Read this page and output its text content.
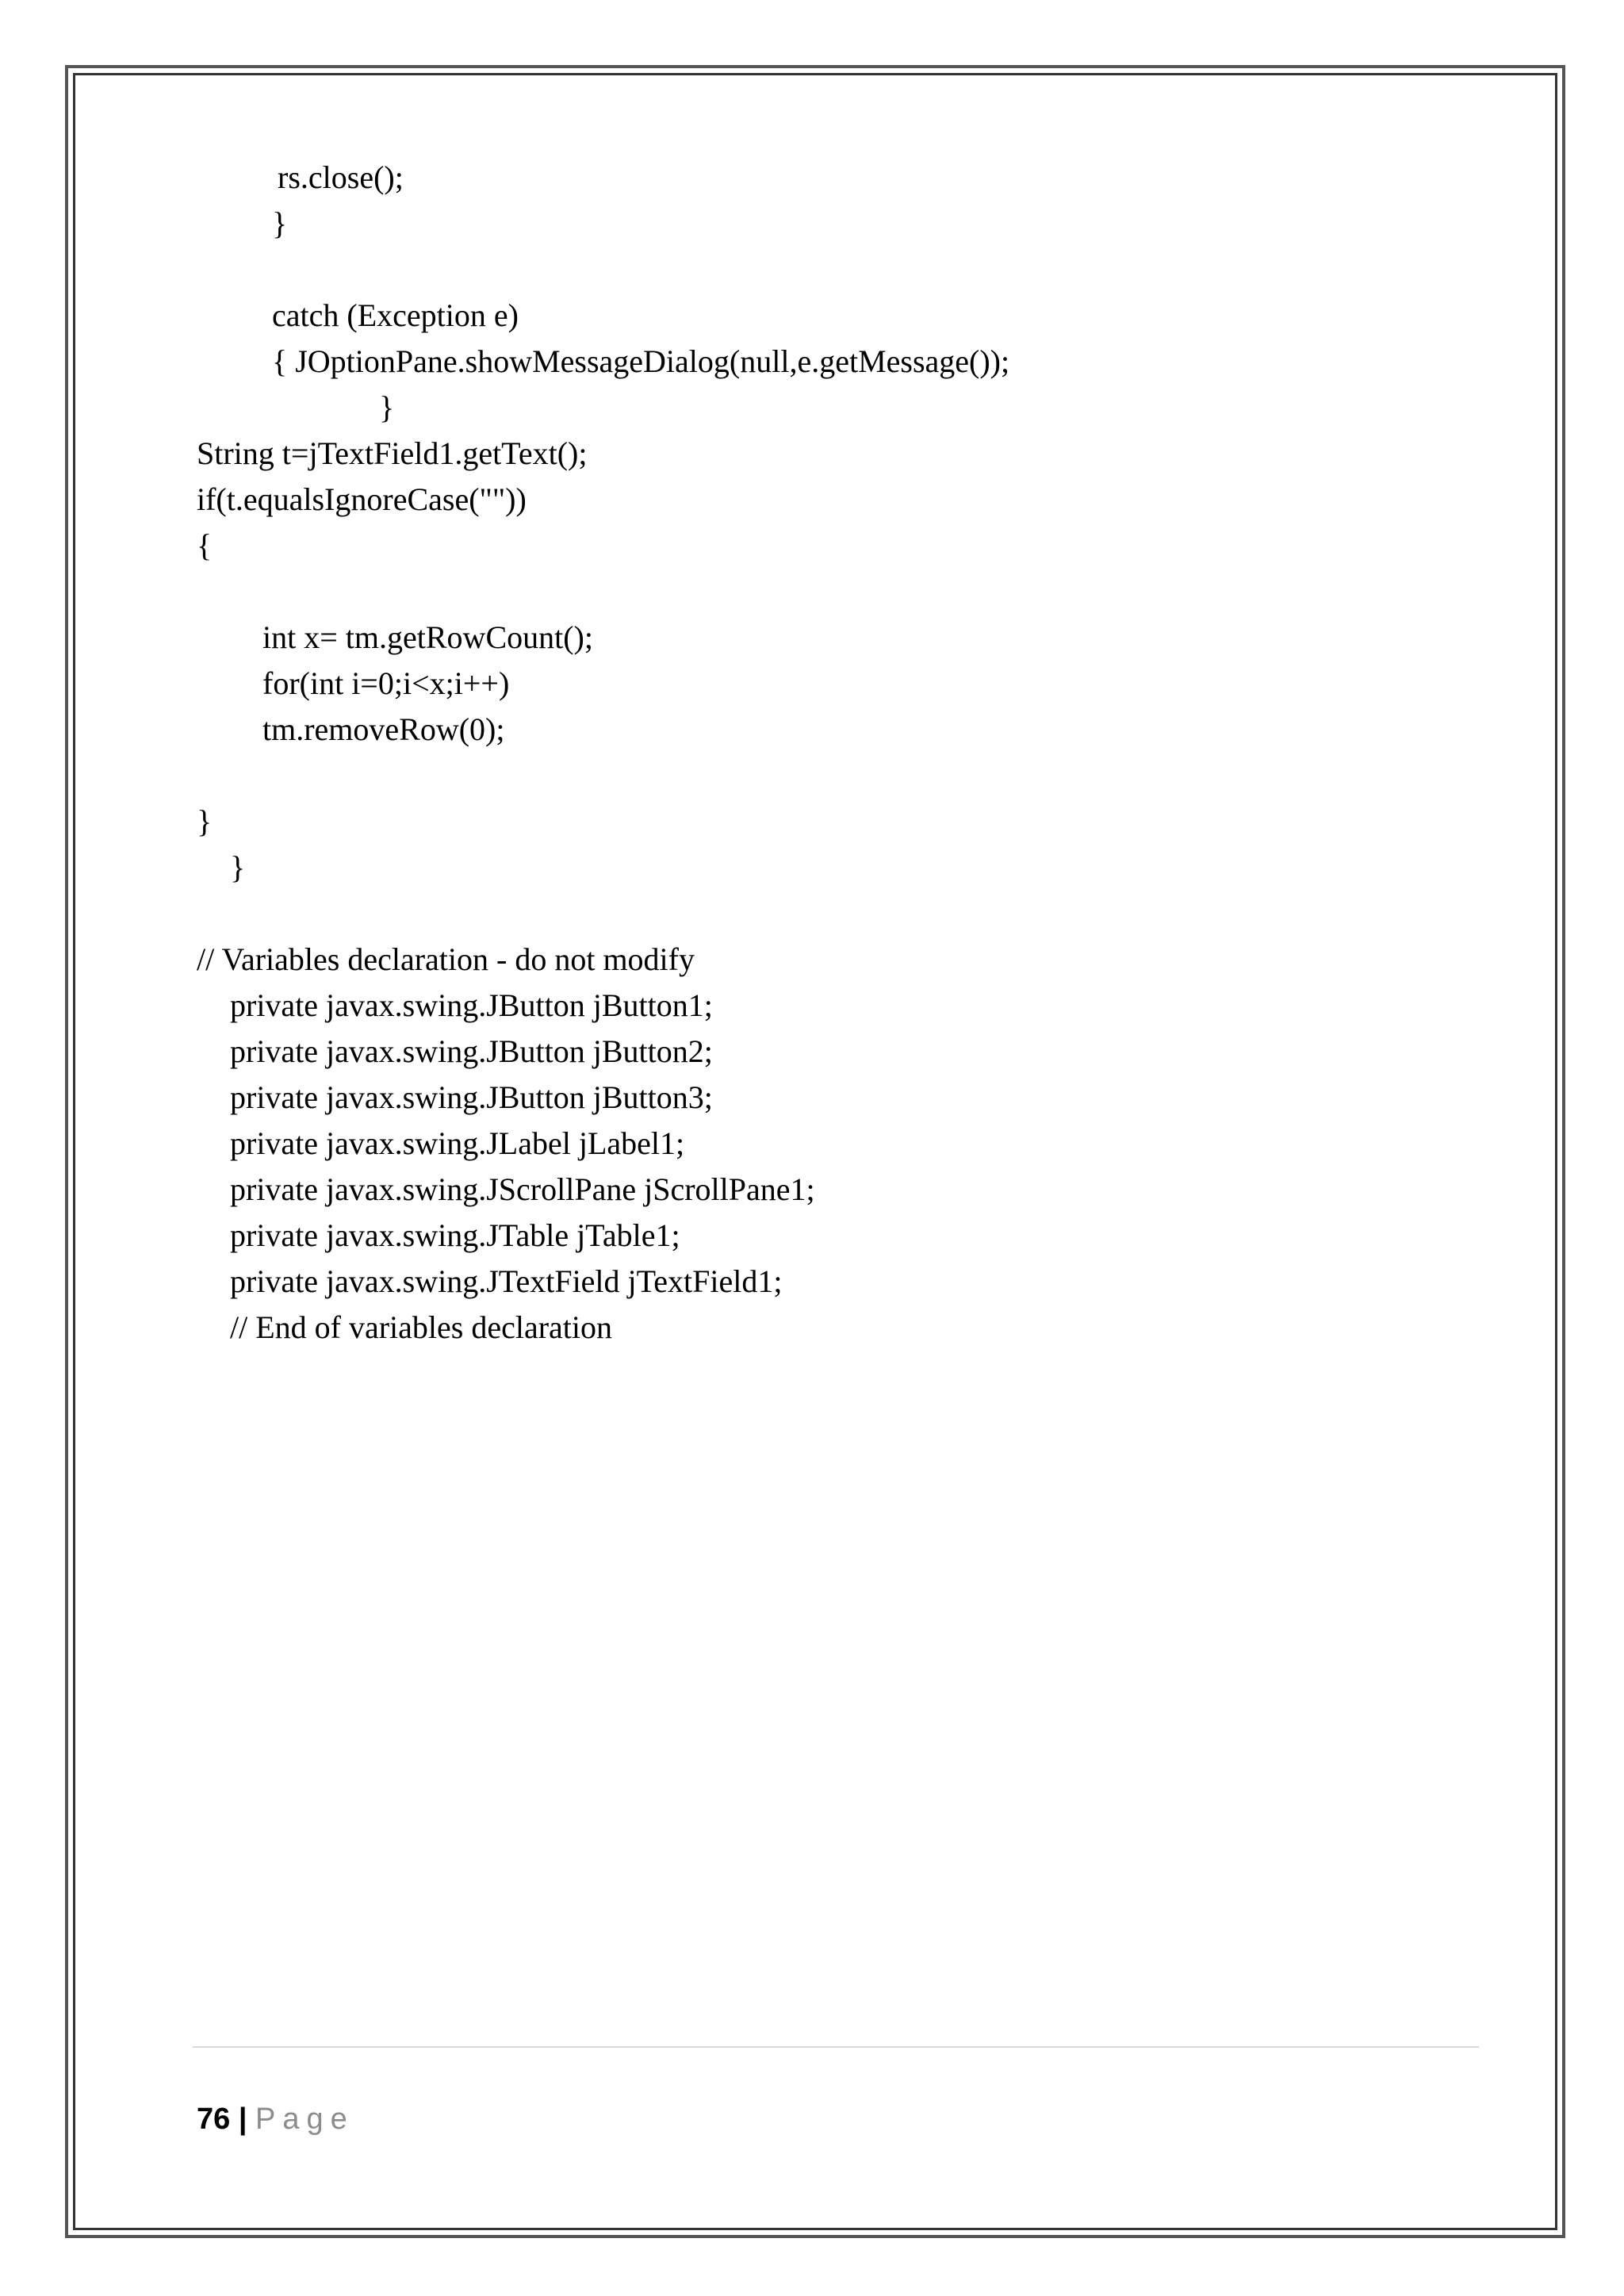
rs.close();
}
catch (Exception e)
{ JOptionPane.showMessageDialog(null,e.getMessage());
}
String t=jTextField1.getText();
if(t.equalsIgnoreCase(""))
{
int x= tm.getRowCount();
for(int i=0;i<x;i++)
tm.removeRow(0);
}
}
// Variables declaration - do not modify
private javax.swing.JButton jButton1;
private javax.swing.JButton jButton2;
private javax.swing.JButton jButton3;
private javax.swing.JLabel jLabel1;
private javax.swing.JScrollPane jScrollPane1;
private javax.swing.JTable jTable1;
private javax.swing.JTextField jTextField1;
// End of variables declaration
76 | Page
